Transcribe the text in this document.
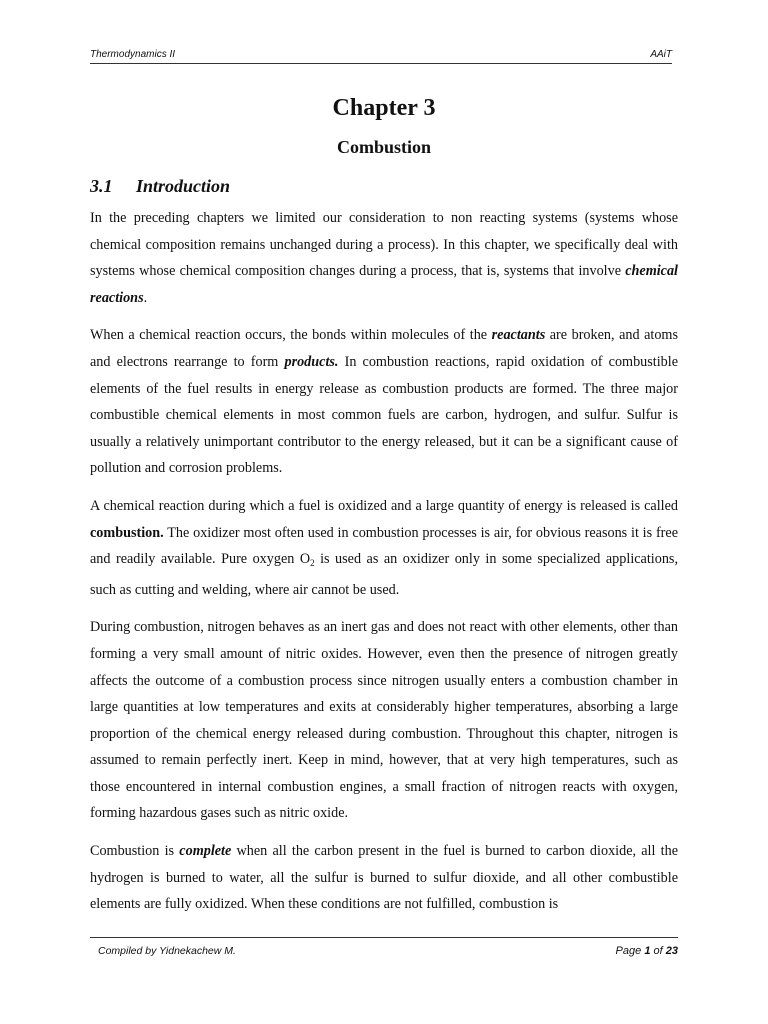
Thermodynamics II	AAiT
Chapter 3
Combustion
3.1 Introduction

In the preceding chapters we limited our consideration to non reacting systems (systems whose chemical composition remains unchanged during a process). In this chapter, we specifically deal with systems whose chemical composition changes during a process, that is, systems that involve chemical reactions.

When a chemical reaction occurs, the bonds within molecules of the reactants are broken, and atoms and electrons rearrange to form products. In combustion reactions, rapid oxidation of combustible elements of the fuel results in energy release as combustion products are formed. The three major combustible chemical elements in most common fuels are carbon, hydrogen, and sulfur. Sulfur is usually a relatively unimportant contributor to the energy released, but it can be a significant cause of pollution and corrosion problems.

A chemical reaction during which a fuel is oxidized and a large quantity of energy is released is called combustion. The oxidizer most often used in combustion processes is air, for obvious reasons it is free and readily available. Pure oxygen $O_2$ is used as an oxidizer only in some specialized applications, such as cutting and welding, where air cannot be used.

During combustion, nitrogen behaves as an inert gas and does not react with other elements, other than forming a very small amount of nitric oxides. However, even then the presence of nitrogen greatly affects the outcome of a combustion process since nitrogen usually enters a combustion chamber in large quantities at low temperatures and exits at considerably higher temperatures, absorbing a large proportion of the chemical energy released during combustion. Throughout this chapter, nitrogen is assumed to remain perfectly inert. Keep in mind, however, that at very high temperatures, such as those encountered in internal combustion engines, a small fraction of nitrogen reacts with oxygen, forming hazardous gases such as nitric oxide.

Combustion is complete when all the carbon present in the fuel is burned to carbon dioxide, all the hydrogen is burned to water, all the sulfur is burned to sulfur dioxide, and all other combustible elements are fully oxidized. When these conditions are not fulfilled, combustion is

Compiled by Yidnekachew M.	Page 1 of 23
